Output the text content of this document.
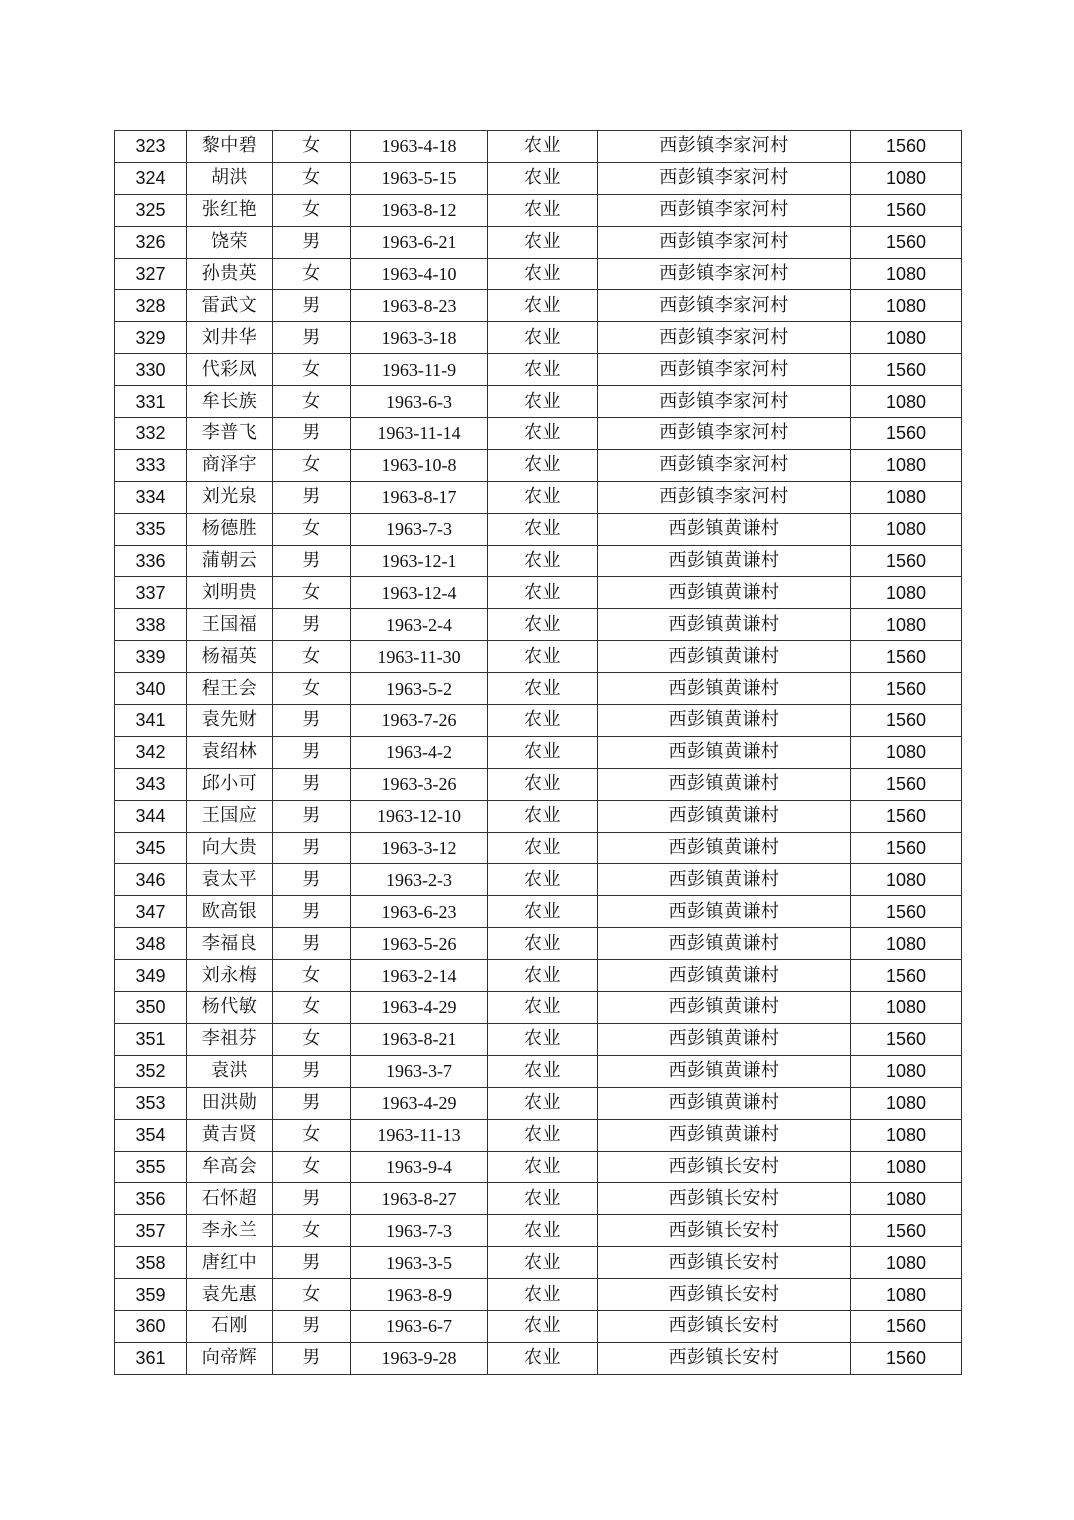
323	黎中碧	女	1963-4-18	农业	西彭镇李家河村	1560
324	胡洪	女	1963-5-15	农业	西彭镇李家河村	1080
325	张红艳	女	1963-8-12	农业	西彭镇李家河村	1560
326	饶荣	男	1963-6-21	农业	西彭镇李家河村	1560
327	孙贵英	女	1963-4-10	农业	西彭镇李家河村	1080
328	雷武文	男	1963-8-23	农业	西彭镇李家河村	1080
329	刘井华	男	1963-3-18	农业	西彭镇李家河村	1080
330	代彩凤	女	1963-11-9	农业	西彭镇李家河村	1560
331	牟长族	女	1963-6-3	农业	西彭镇李家河村	1080
332	李普飞	男	1963-11-14	农业	西彭镇李家河村	1560
333	商泽宇	女	1963-10-8	农业	西彭镇李家河村	1080
334	刘光泉	男	1963-8-17	农业	西彭镇李家河村	1080
335	杨德胜	女	1963-7-3	农业	西彭镇黄谦村	1080
336	蒲朝云	男	1963-12-1	农业	西彭镇黄谦村	1560
337	刘明贵	女	1963-12-4	农业	西彭镇黄谦村	1080
338	王国福	男	1963-2-4	农业	西彭镇黄谦村	1080
339	杨福英	女	1963-11-30	农业	西彭镇黄谦村	1560
340	程王会	女	1963-5-2	农业	西彭镇黄谦村	1560
341	袁先财	男	1963-7-26	农业	西彭镇黄谦村	1560
342	袁绍林	男	1963-4-2	农业	西彭镇黄谦村	1080
343	邱小可	男	1963-3-26	农业	西彭镇黄谦村	1560
344	王国应	男	1963-12-10	农业	西彭镇黄谦村	1560
345	向大贵	男	1963-3-12	农业	西彭镇黄谦村	1560
346	袁太平	男	1963-2-3	农业	西彭镇黄谦村	1080
347	欧高银	男	1963-6-23	农业	西彭镇黄谦村	1560
348	李福良	男	1963-5-26	农业	西彭镇黄谦村	1080
349	刘永梅	女	1963-2-14	农业	西彭镇黄谦村	1560
350	杨代敏	女	1963-4-29	农业	西彭镇黄谦村	1080
351	李祖芬	女	1963-8-21	农业	西彭镇黄谦村	1560
352	袁洪	男	1963-3-7	农业	西彭镇黄谦村	1080
353	田洪勋	男	1963-4-29	农业	西彭镇黄谦村	1080
354	黄吉贤	女	1963-11-13	农业	西彭镇黄谦村	1080
355	牟高会	女	1963-9-4	农业	西彭镇长安村	1080
356	石怀超	男	1963-8-27	农业	西彭镇长安村	1080
357	李永兰	女	1963-7-3	农业	西彭镇长安村	1560
358	唐红中	男	1963-3-5	农业	西彭镇长安村	1080
359	袁先惠	女	1963-8-9	农业	西彭镇长安村	1080
360	石刚	男	1963-6-7	农业	西彭镇长安村	1560
361	向帝辉	男	1963-9-28	农业	西彭镇长安村	1560
